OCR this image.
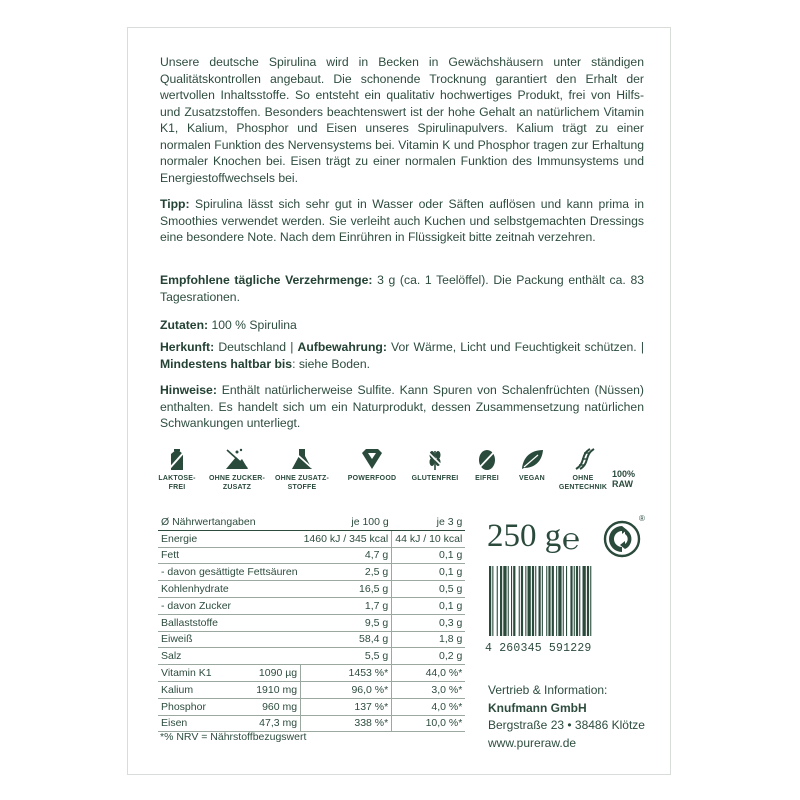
Unsere deutsche Spirulina wird in Becken in Gewächshäusern unter ständigen Qualitätskontrollen angebaut. Die schonende Trocknung garantiert den Erhalt der wertvollen Inhaltsstoffe. So entsteht ein qualitativ hochwertiges Produkt, frei von Hilfs- und Zusatzstoffen. Besonders beachtenswert ist der hohe Gehalt an natürlichem Vitamin K1, Kalium, Phosphor und Eisen unseres Spirulinapulvers. Kalium trägt zu einer normalen Funktion des Nervensystems bei. Vitamin K und Phosphor tragen zur Erhaltung normaler Knochen bei. Eisen trägt zu einer normalen Funktion des Immunsystems und Energiestoffwechsels bei.
Tipp: Spirulina lässt sich sehr gut in Wasser oder Säften auflösen und kann prima in Smoothies verwendet werden. Sie verleiht auch Kuchen und selbstgemachten Dressings eine besondere Note. Nach dem Einrühren in Flüssigkeit bitte zeitnah verzehren.
Empfohlene tägliche Verzehrmenge: 3 g (ca. 1 Teelöffel). Die Packung enthält ca. 83 Tagesrationen.
Zutaten: 100 % Spirulina
Herkunft: Deutschland | Aufbewahrung: Vor Wärme, Licht und Feuchtigkeit schützen. | Mindestens haltbar bis: siehe Boden.
Hinweise: Enthält natürlicherweise Sulfite. Kann Spuren von Schalenfrüchten (Nüssen) enthalten. Es handelt sich um ein Naturprodukt, dessen Zusammensetzung natürlichen Schwankungen unterliegt.
LAKTOSE-
FREI
OHNE ZUCKER-
ZUSATZ
OHNE ZUSATZ-
STOFFE
POWERFOOD	GLUTENFREI	EIFREI	VEGAN	OHNE
GENTECHNIK
100%
RAW
Ø Nährwertangaben		je 100 g	je 3 g
Energie		1460 kJ / 345 kcal	44 kJ / 10 kcal
Fett		4,7 g	0,1 g
- davon gesättigte Fettsäuren		2,5 g	0,1 g
Kohlenhydrate		16,5 g	0,5 g
- davon Zucker		1,7 g	0,1 g
Ballaststoffe		9,5 g	0,3 g
Eiweiß		58,4 g	1,8 g
Salz		5,5 g	0,2 g
Vitamin K1	1090 µg	1453 %*	44,0 %*
Kalium	1910 mg	96,0 %*	3,0 %*
Phosphor	960 mg	137 %*	4,0 %*
Eisen	47,3 mg	338 %*	10,0 %*
*% NRV = Nährstoffbezugswert
250 g ℮
®
4 260345 591229
Vertrieb & Information:
Knufmann GmbH
Bergstraße 23 • 38486 Klötze
www.pureraw.de
